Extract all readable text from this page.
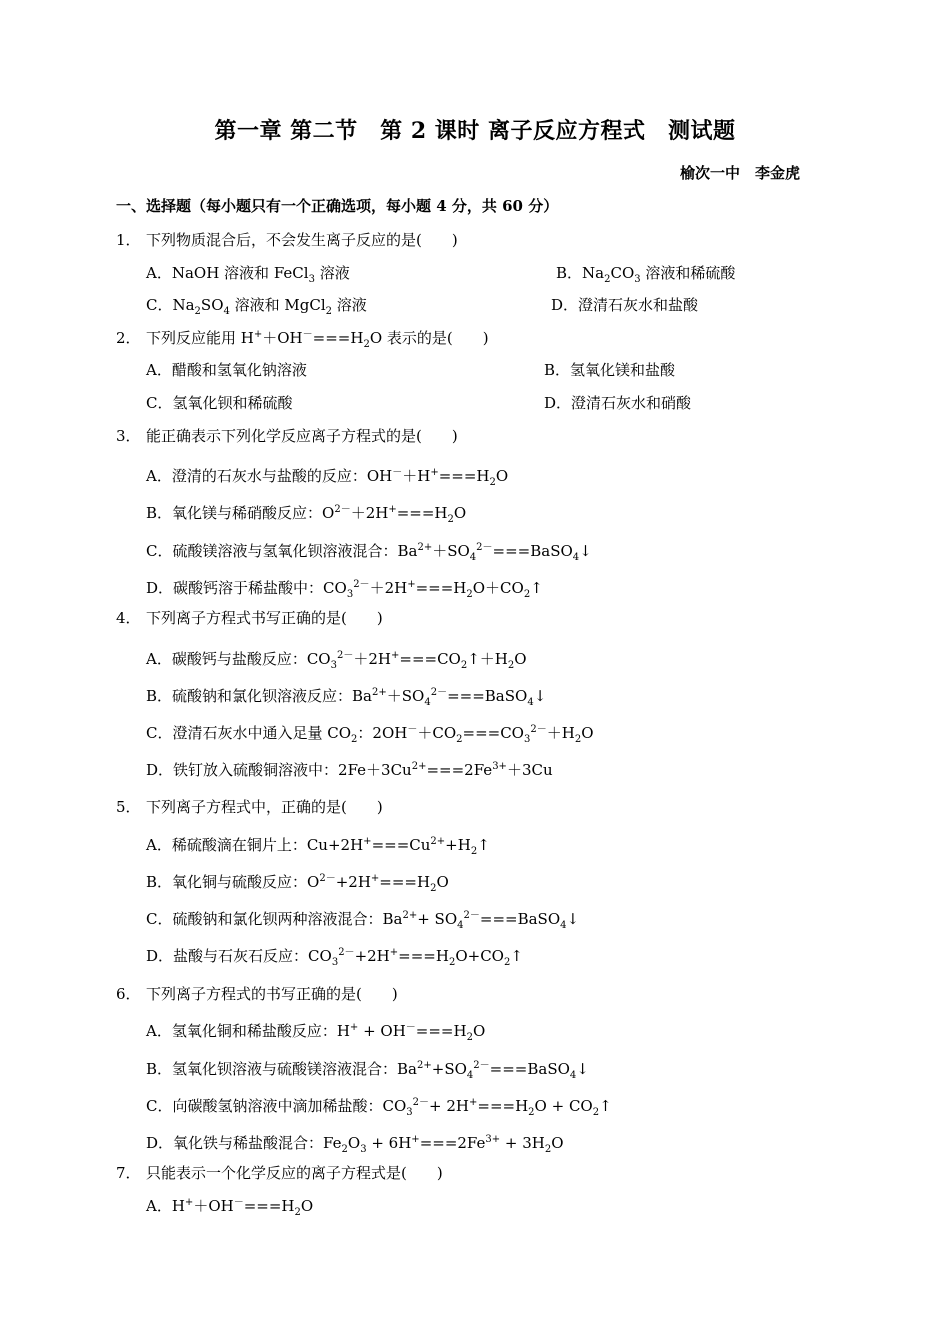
第一章 第二节　第 2 课时 离子反应方程式　测试题
榆次一中　李金虎
一、选择题（每小题只有一个正确选项，每小题 4 分，共 60 分）
1． 下列物质混合后，不会发生离子反应的是(　　)
A．NaOH 溶液和 FeCl$_3$ 溶液	B．$Na_2CO_3$ 溶液和稀硫酸
C．$Na_2SO_4$ 溶液和 MgCl$_2$ 溶液	D．澄清石灰水和盐酸
2． 下列反应能用 $H^++OH^-===H_2O$ 表示的是(　　)
A．醋酸和氢氧化钠溶液	B．氢氧化镁和盐酸
C．氢氧化钡和稀硫酸	D．澄清石灰水和硝酸
3． 能正确表示下列化学反应离子方程式的是(　　)
A．澄清的石灰水与盐酸的反应：$OH^-+H^+===H_2O$
B．氧化镁与稀硝酸反应：$O^{2-}+2H^+===H_2O$
C．硫酸镁溶液与氢氧化钡溶液混合：$Ba^{2+}+SO_4^{2-}===BaSO_4↓$
D．碳酸钙溶于稀盐酸中：$CO_3^{2-}+2H^+===H_2O+CO_2↑$
4． 下列离子方程式书写正确的是(　　)
A．碳酸钙与盐酸反应：$CO_3^{2-}+2H^+===CO_2↑+H_2O$
B．硫酸钠和氯化钡溶液反应：$Ba^{2+}+SO_4^{2-}===BaSO_4↓$
C．澄清石灰水中通入足量 $CO_2$：$2OH^-+CO_2===CO_3^{2-}+H_2O$
D．铁钉放入硫酸铜溶液中：$2Fe+3Cu^{2+}===2Fe^{3+}+3Cu$
5． 下列离子方程式中，正确的是(　　)
A．稀硫酸滴在铜片上：$Cu+2H^+===Cu^{2+}+H_2↑$
B．氧化铜与硫酸反应：$O^{2-}+2H^+===H_2O$
C．硫酸钠和氯化钡两种溶液混合：$Ba^{2+}+$ $SO_4^{2-}===BaSO_4↓$
D．盐酸与石灰石反应：$CO_3^{2-}+2H^+===H_2O+CO_2↑$
6． 下列离子方程式的书写正确的是(　　)
A．氢氧化铜和稀盐酸反应：$H^+ + OH^-===H_2O$
B．氢氧化钡溶液与硫酸镁溶液混合：$Ba^{2+}+SO_4^{2-}===BaSO_4↓$
C．向碳酸氢钠溶液中滴加稀盐酸：$CO_3^{2-}+ 2H^+===H_2O$ + $CO_2↑$
D．氧化铁与稀盐酸混合：$Fe_2O_3 + 6H^+===2Fe^{3+} + 3H_2O$
7． 只能表示一个化学反应的离子方程式是(　　)
A．$H^++OH^-===H_2O$
